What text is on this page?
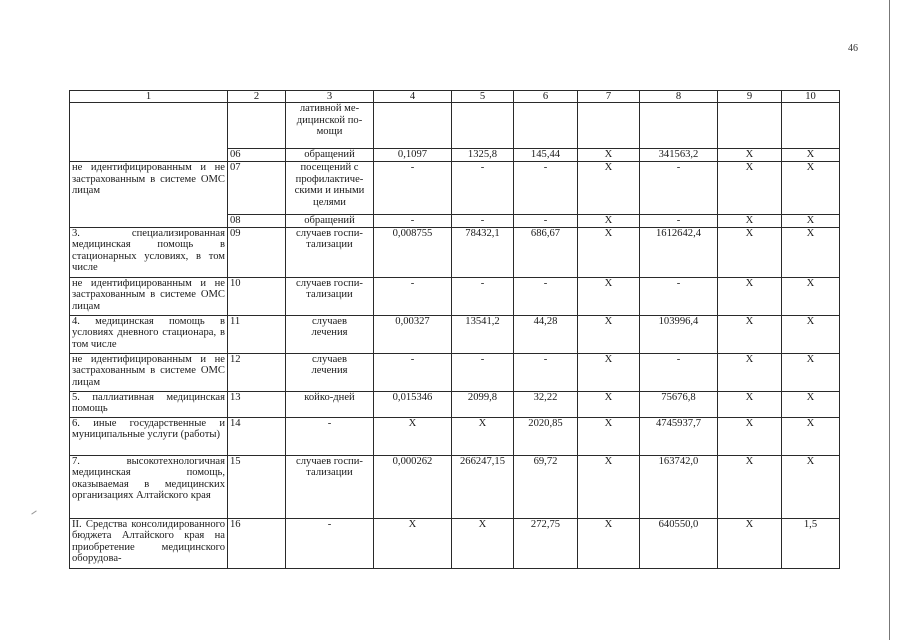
46
1	2	3	4	5	6	7	8	9	10
		лативной ме-
дицинской по-
мощи							
	06	обращений	0,1097	1325,8	145,44	X	341563,2	X	X
не идентифицированным и не застрахованным в системе ОМС лицам	07	посещений с
профилактиче-
скими и иными
целями	-	-	-	X	-	X	X
	08	обращений	-	-	-	X	-	X	X
3. специализированная медицинская помощь в стационарных условиях, в том числе	09	случаев госпи-
тализации	0,008755	78432,1	686,67	X	1612642,4	X	X
не идентифицированным и не застрахованным в системе ОМС лицам	10	случаев госпи-
тализации	-	-	-	X	-	X	X
4. медицинская помощь в условиях дневного стационара, в том числе	11	случаев
лечения	0,00327	13541,2	44,28	X	103996,4	X	X
не идентифицированным и не застрахованным в системе ОМС лицам	12	случаев
лечения	-	-	-	X	-	X	X
5. паллиативная медицинская помощь	13	койко-дней	0,015346	2099,8	32,22	X	75676,8	X	X
6. иные государственные и муниципальные услуги (работы)	14	-	X	X	2020,85	X	4745937,7	X	X
7. высокотехнологичная медицинская помощь, оказываемая в медицинских организациях Алтайского края	15	случаев госпи-
тализации	0,000262	266247,15	69,72	X	163742,0	X	X
II. Средства консолидированного бюджета Алтайского края на приобретение медицинского оборудова-	16	-	X	X	272,75	X	640550,0	X	1,5
